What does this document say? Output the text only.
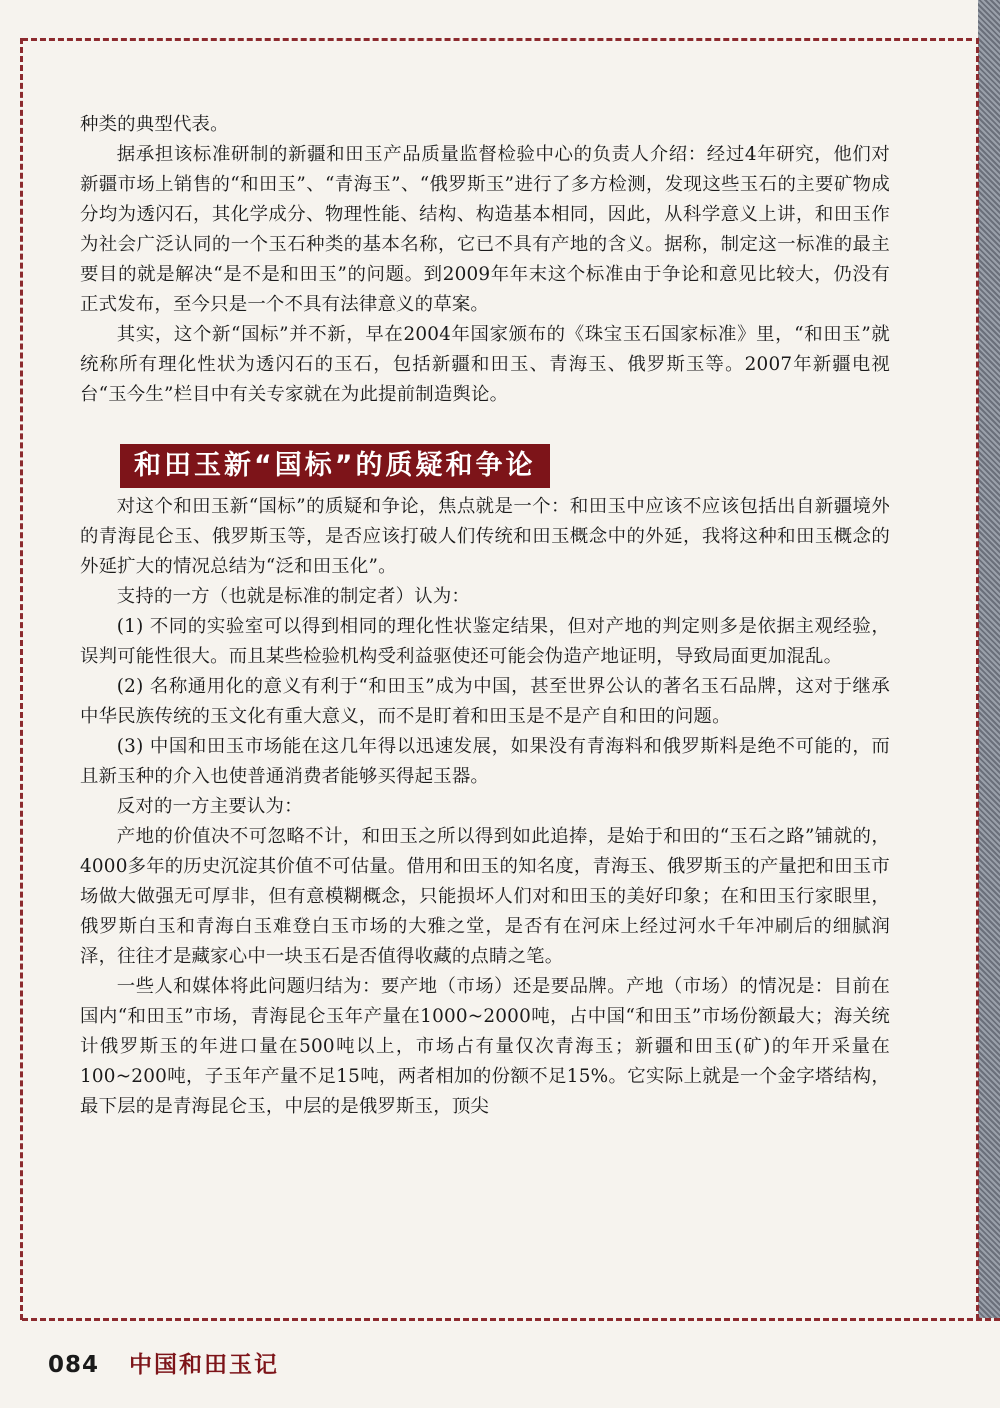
种类的典型代表。

据承担该标准研制的新疆和田玉产品质量监督检验中心的负责人介绍：经过4年研究，他们对新疆市场上销售的“和田玉”、“青海玉”、“俄罗斯玉”进行了多方检测，发现这些玉石的主要矿物成分均为透闪石，其化学成分、物理性能、结构、构造基本相同，因此，从科学意义上讲，和田玉作为社会广泛认同的一个玉石种类的基本名称，它已不具有产地的含义。据称，制定这一标准的最主要目的就是解决“是不是和田玉”的问题。到2009年年末这个标准由于争论和意见比较大，仍没有正式发布，至今只是一个不具有法律意义的草案。

其实，这个新“国标”并不新，早在2004年国家颁布的《珠宝玉石国家标准》里，“和田玉”就统称所有理化性状为透闪石的玉石，包括新疆和田玉、青海玉、俄罗斯玉等。2007年新疆电视台“玉今生”栏目中有关专家就在为此提前制造舆论。

和田玉新“国标”的质疑和争论

对这个和田玉新“国标”的质疑和争论，焦点就是一个：和田玉中应该不应该包括出自新疆境外的青海昆仑玉、俄罗斯玉等，是否应该打破人们传统和田玉概念中的外延，我将这种和田玉概念的外延扩大的情况总结为“泛和田玉化”。

支持的一方（也就是标准的制定者）认为：

(1) 不同的实验室可以得到相同的理化性状鉴定结果，但对产地的判定则多是依据主观经验，误判可能性很大。而且某些检验机构受利益驱使还可能会伪造产地证明，导致局面更加混乱。

(2) 名称通用化的意义有利于“和田玉”成为中国，甚至世界公认的著名玉石品牌，这对于继承中华民族传统的玉文化有重大意义，而不是盯着和田玉是不是产自和田的问题。

(3) 中国和田玉市场能在这几年得以迅速发展，如果没有青海料和俄罗斯料是绝不可能的，而且新玉种的介入也使普通消费者能够买得起玉器。

反对的一方主要认为：

产地的价值决不可忽略不计，和田玉之所以得到如此追捧，是始于和田的“玉石之路”铺就的，4000多年的历史沉淀其价值不可估量。借用和田玉的知名度，青海玉、俄罗斯玉的产量把和田玉市场做大做强无可厚非，但有意模糊概念，只能损坏人们对和田玉的美好印象；在和田玉行家眼里，俄罗斯白玉和青海白玉难登白玉市场的大雅之堂，是否有在河床上经过河水千年冲刷后的细腻润泽，往往才是藏家心中一块玉石是否值得收藏的点睛之笔。

一些人和媒体将此问题归结为：要产地（市场）还是要品牌。产地（市场）的情况是：目前在国内“和田玉”市场，青海昆仑玉年产量在1000~2000吨，占中国“和田玉”市场份额最大；海关统计俄罗斯玉的年进口量在500吨以上，市场占有量仅次青海玉；新疆和田玉(矿)的年开采量在100~200吨，子玉年产量不足15吨，两者相加的份额不足15%。它实际上就是一个金字塔结构，最下层的是青海昆仑玉，中层的是俄罗斯玉，顶尖

084 中国和田玉记
